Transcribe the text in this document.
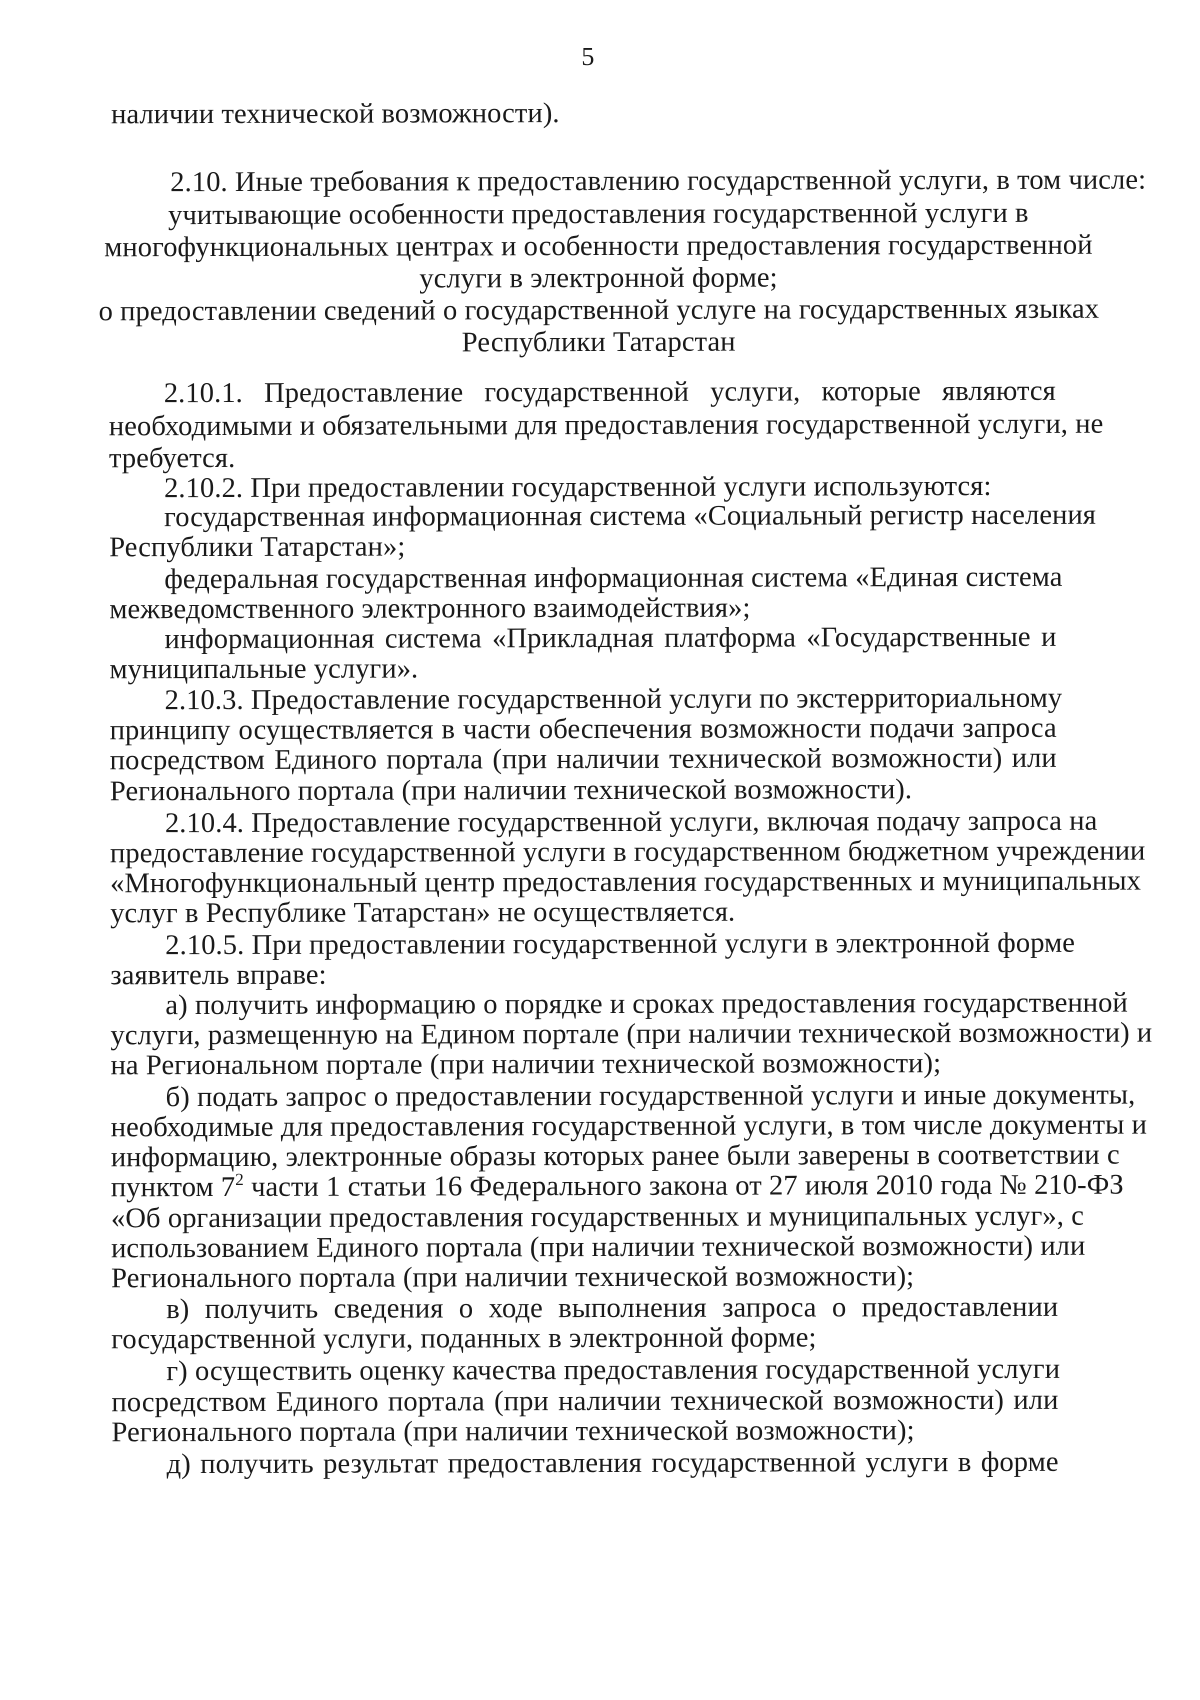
5
наличии технической возможности).
2.10. Иные требования к предоставлению государственной услуги, в том числе:
учитывающие особенности предоставления государственной услуги в
многофункциональных центрах и особенности предоставления государственной
услуги в электронной форме;
о предоставлении сведений о государственной услуге на государственных языках
Республики Татарстан
2.10.1. Предоставление государственной услуги, которые являются
необходимыми и обязательными для предоставления государственной услуги, не
требуется.
2.10.2. При предоставлении государственной услуги используются:
государственная информационная система «Социальный регистр населения
Республики Татарстан»;
федеральная государственная информационная система «Единая система
межведомственного электронного взаимодействия»;
информационная система «Прикладная платформа «Государственные и
муниципальные услуги».
2.10.3. Предоставление государственной услуги по экстерриториальному
принципу осуществляется в части обеспечения возможности подачи запроса
посредством Единого портала (при наличии технической возможности) или
Регионального портала (при наличии технической возможности).
2.10.4. Предоставление государственной услуги, включая подачу запроса на
предоставление государственной услуги в государственном бюджетном учреждении
«Многофункциональный центр предоставления государственных и муниципальных
услуг в Республике Татарстан» не осуществляется.
2.10.5. При предоставлении государственной услуги в электронной форме
заявитель вправе:
а) получить информацию о порядке и сроках предоставления государственной
услуги, размещенную на Едином портале (при наличии технической возможности) и
на Региональном портале (при наличии технической возможности);
б) подать запрос о предоставлении государственной услуги и иные документы,
необходимые для предоставления государственной услуги, в том числе документы и
информацию, электронные образы которых ранее были заверены в соответствии с
пунктом $7^2$ части 1 статьи 16 Федерального закона от 27 июля 2010 года № 210-ФЗ
«Об организации предоставления государственных и муниципальных услуг», с
использованием Единого портала (при наличии технической возможности) или
Регионального портала (при наличии технической возможности);
в) получить сведения о ходе выполнения запроса о предоставлении
государственной услуги, поданных в электронной форме;
г) осуществить оценку качества предоставления государственной услуги
посредством Единого портала (при наличии технической возможности) или
Регионального портала (при наличии технической возможности);
д) получить результат предоставления государственной услуги в форме
